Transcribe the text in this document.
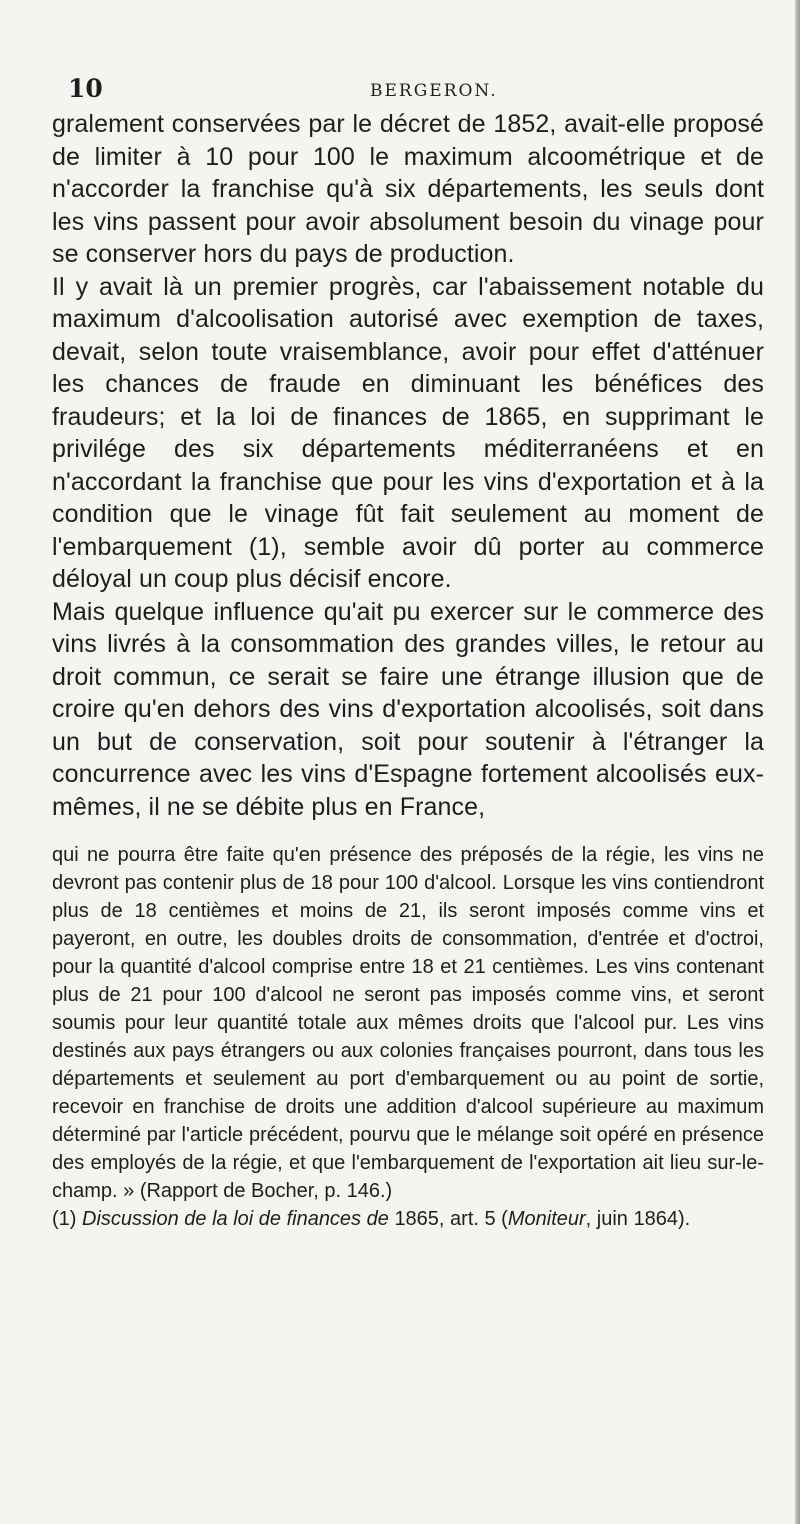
10	BERGERON.

gralement conservées par le décret de 1852, avait-elle proposé de limiter à 10 pour 100 le maximum alcoométrique et de n'accorder la franchise qu'à six départements, les seuls dont les vins passent pour avoir absolument besoin du vinage pour se conserver hors du pays de production.

Il y avait là un premier progrès, car l'abaissement notable du maximum d'alcoolisation autorisé avec exemption de taxes, devait, selon toute vraisemblance, avoir pour effet d'atténuer les chances de fraude en diminuant les bénéfices des fraudeurs; et la loi de finances de 1865, en supprimant le privilége des six départements méditerranéens et en n'accordant la franchise que pour les vins d'exportation et à la condition que le vinage fût fait seulement au moment de l'embarquement (1), semble avoir dû porter au commerce déloyal un coup plus décisif encore.

Mais quelque influence qu'ait pu exercer sur le commerce des vins livrés à la consommation des grandes villes, le retour au droit commun, ce serait se faire une étrange illusion que de croire qu'en dehors des vins d'exportation alcoolisés, soit dans un but de conservation, soit pour soutenir à l'étranger la concurrence avec les vins d'Espagne fortement alcoolisés eux-mêmes, il ne se débite plus en France,

qui ne pourra être faite qu'en présence des préposés de la régie, les vins ne devront pas contenir plus de 18 pour 100 d'alcool. Lorsque les vins contiendront plus de 18 centièmes et moins de 21, ils seront imposés comme vins et payeront, en outre, les doubles droits de consommation, d'entrée et d'octroi, pour la quantité d'alcool comprise entre 18 et 21 centièmes. Les vins contenant plus de 21 pour 100 d'alcool ne seront pas imposés comme vins, et seront soumis pour leur quantité totale aux mêmes droits que l'alcool pur. Les vins destinés aux pays étrangers ou aux colonies françaises pourront, dans tous les départements et seulement au port d'embarquement ou au point de sortie, recevoir en franchise de droits une addition d'alcool supérieure au maximum déterminé par l'article précédent, pourvu que le mélange soit opéré en présence des employés de la régie, et que l'embarquement de l'exportation ait lieu sur-le-champ. » (Rapport de Bocher, p. 146.)

(1) Discussion de la loi de finances de 1865, art. 5 (Moniteur, juin 1864).
